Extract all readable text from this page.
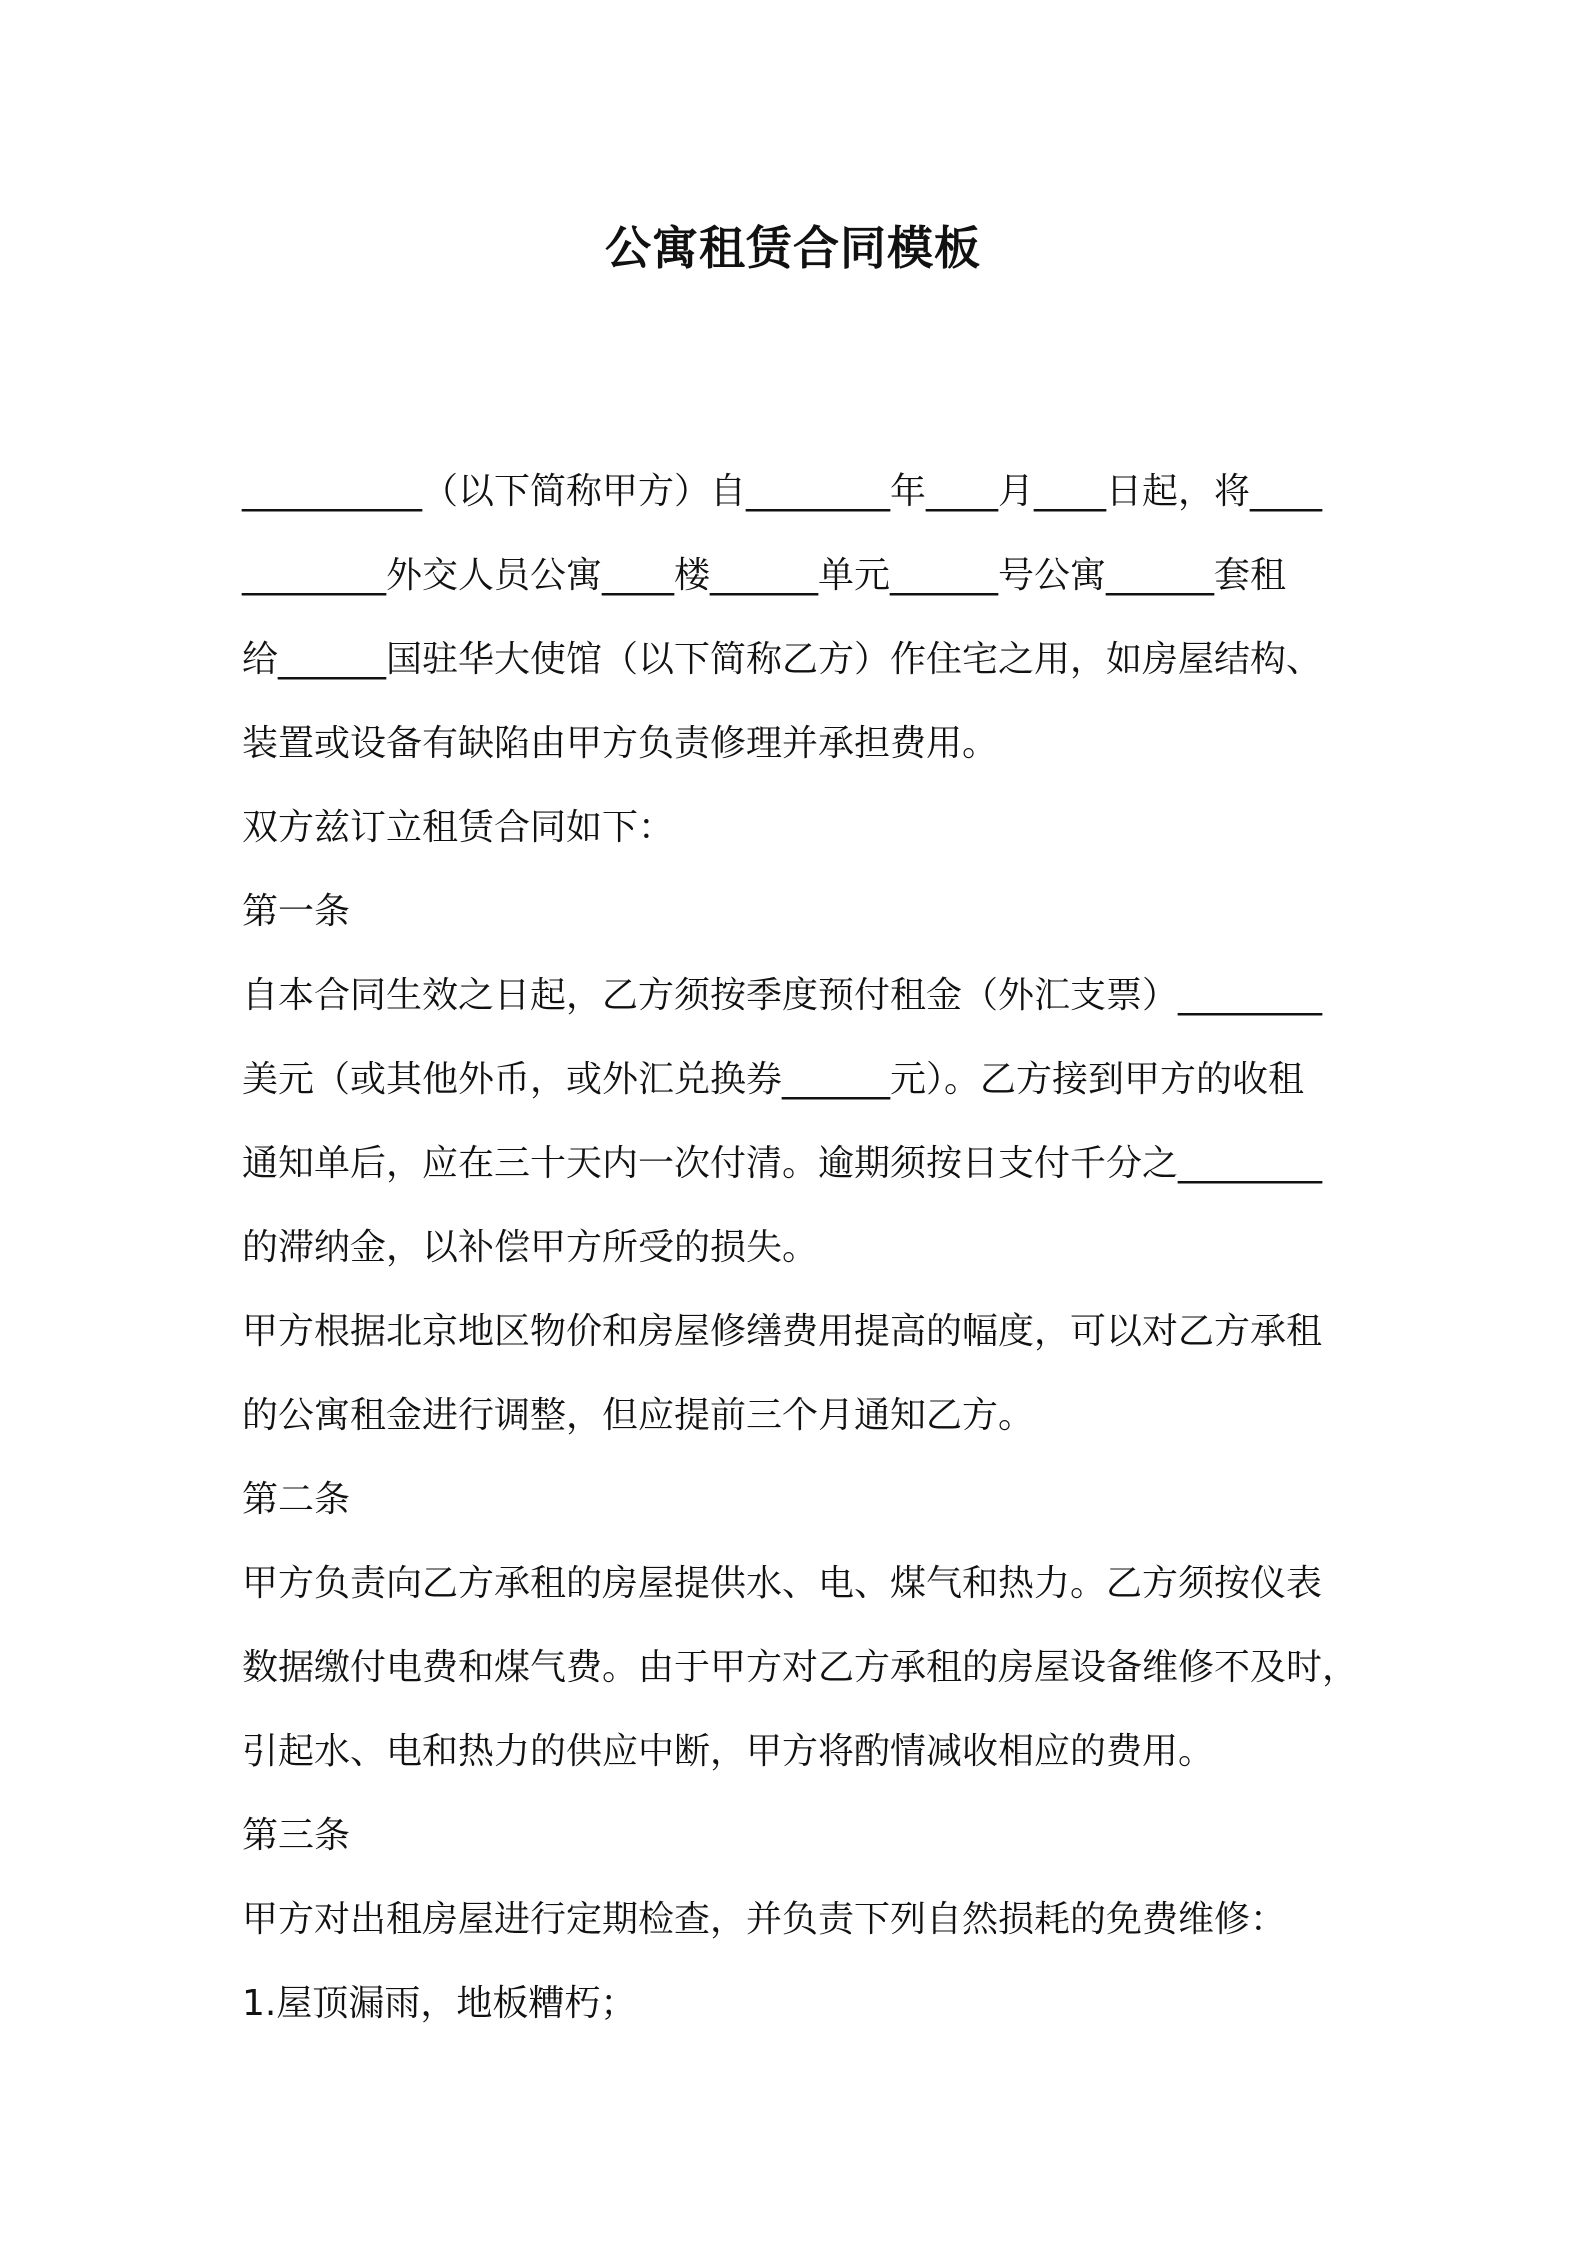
公寓租赁合同模板

__________（以下简称甲方）自________年____月____日起，将____

________外交人员公寓____楼______单元______号公寓______套租

给______国驻华大使馆（以下简称乙方）作住宅之用，如房屋结构、

装置或设备有缺陷由甲方负责修理并承担费用。

双方兹订立租赁合同如下：

第一条

自本合同生效之日起，乙方须按季度预付租金（外汇支票）________

美元（或其他外币，或外汇兑换券______元）。乙方接到甲方的收租

通知单后，应在三十天内一次付清。逾期须按日支付千分之________

的滞纳金，以补偿甲方所受的损失。

甲方根据北京地区物价和房屋修缮费用提高的幅度，可以对乙方承租

的公寓租金进行调整，但应提前三个月通知乙方。

第二条

甲方负责向乙方承租的房屋提供水、电、煤气和热力。乙方须按仪表

数据缴付电费和煤气费。由于甲方对乙方承租的房屋设备维修不及时，

引起水、电和热力的供应中断，甲方将酌情减收相应的费用。

第三条

甲方对出租房屋进行定期检查，并负责下列自然损耗的免费维修：

1.屋顶漏雨，地板糟朽；
